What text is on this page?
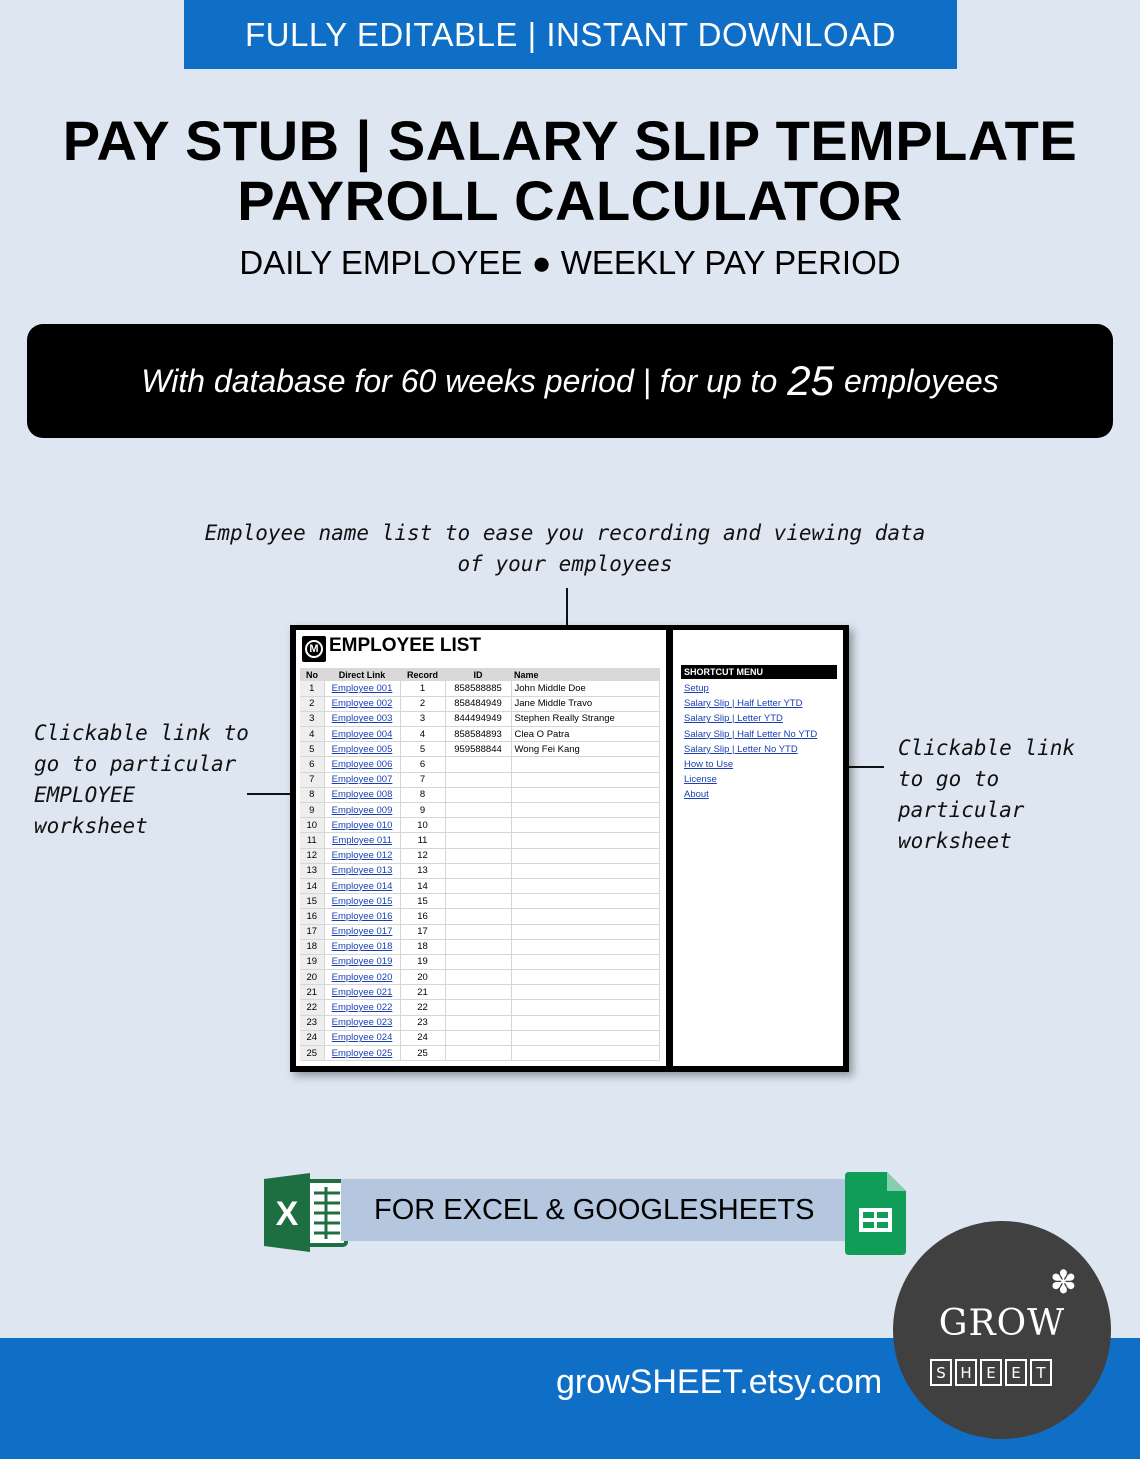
FULLY EDITABLE | INSTANT DOWNLOAD
PAY STUB | SALARY SLIP TEMPLATE
PAYROLL CALCULATOR
DAILY EMPLOYEE ● WEEKLY PAY PERIOD
With database for 60 weeks period | for up to 25 employees
Employee name list to ease you recording and viewing data
of your employees
Clickable link to
go to particular
EMPLOYEE
worksheet
Clickable link
to go to
particular
worksheet
M EMPLOYEE LIST
No	Direct Link	Record	ID	Name
1	Employee 001	1	858588885	John Middle Doe
2	Employee 002	2	858484949	Jane Middle Travo
3	Employee 003	3	844494949	Stephen Really Strange
4	Employee 004	4	858584893	Clea O Patra
5	Employee 005	5	959588844	Wong Fei Kang
6	Employee 006	6		
7	Employee 007	7		
8	Employee 008	8		
9	Employee 009	9		
10	Employee 010	10		
11	Employee 011	11		
12	Employee 012	12		
13	Employee 013	13		
14	Employee 014	14		
15	Employee 015	15		
16	Employee 016	16		
17	Employee 017	17		
18	Employee 018	18		
19	Employee 019	19		
20	Employee 020	20		
21	Employee 021	21		
22	Employee 022	22		
23	Employee 023	23		
24	Employee 024	24		
25	Employee 025	25		
SHORTCUT MENU
Setup
Salary Slip | Half Letter YTD
Salary Slip | Letter YTD
Salary Slip | Half Letter No YTD
Salary Slip | Letter No YTD
How to Use
License
About
X	FOR EXCEL & GOOGLESHEETS
growSHEET.etsy.com
✽
GROW
S H E	E	T
